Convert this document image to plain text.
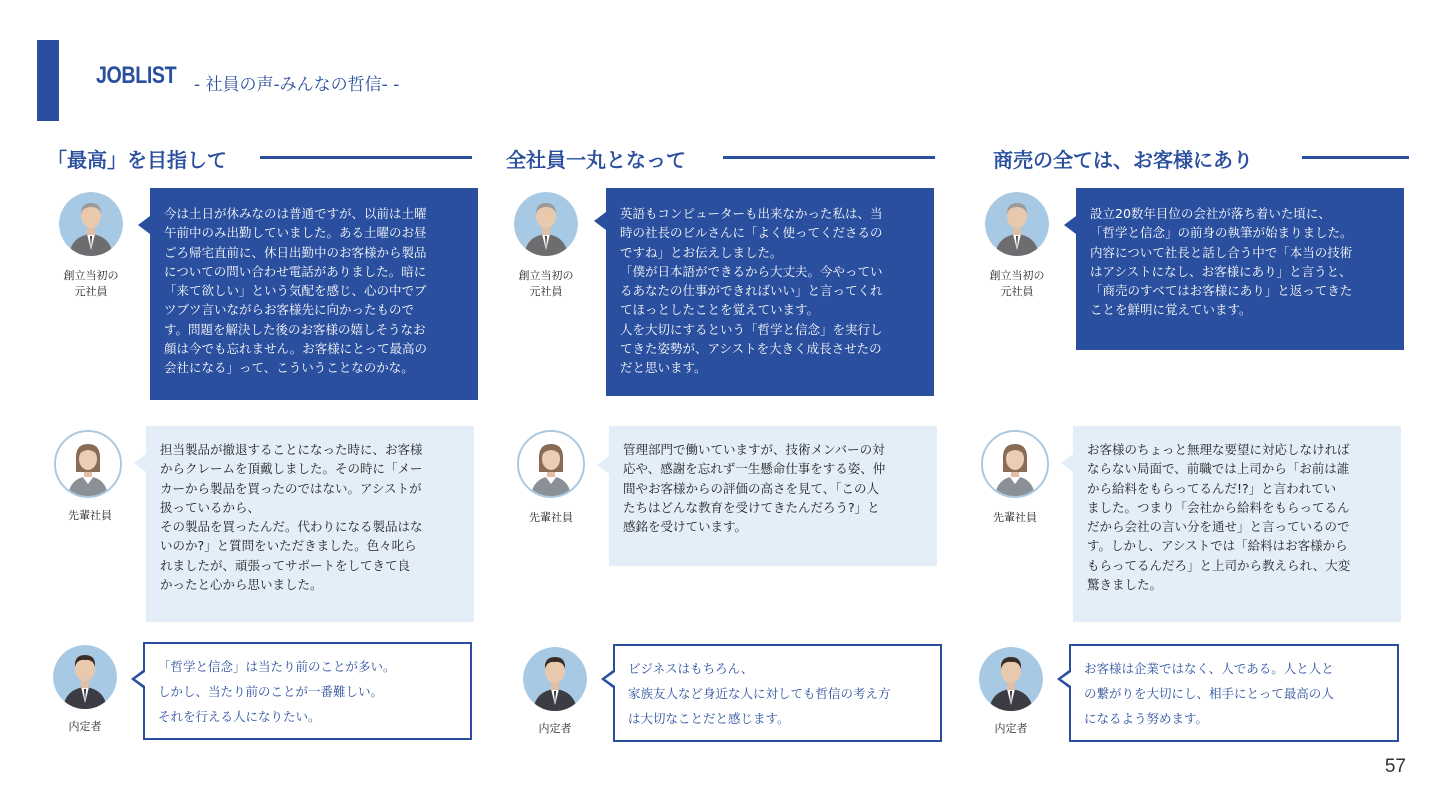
JOBLIST - 社員の声-みんなの哲信- -
「最高」を目指して	全社員一丸となって	商売の全ては、お客様にあり
創立当初の
元社員
今は土日が休みなのは普通ですが、以前は土曜
午前中のみ出勤していました。ある土曜のお昼
ごろ帰宅直前に、休日出勤中のお客様から製品
についての問い合わせ電話がありました。暗に
「来て欲しい」という気配を感じ、心の中でブ
ツブツ言いながらお客様先に向かったもので
す。問題を解決した後のお客様の嬉しそうなお
顔は今でも忘れません。お客様にとって最高の
会社になる」って、こういうことなのかな。
創立当初の
元社員
英語もコンピューターも出来なかった私は、当
時の社長のビルさんに「よく使ってくださるの
ですね」とお伝えしました。
「僕が日本語ができるから大丈夫。今やってい
るあなたの仕事ができればいい」と言ってくれ
てほっとしたことを覚えています。
人を大切にするという「哲学と信念」を実行し
てきた姿勢が、アシストを大きく成長させたの
だと思います。
創立当初の
元社員
設立20数年目位の会社が落ち着いた頃に、
「哲学と信念」の前身の執筆が始まりました。
内容について社長と話し合う中で「本当の技術
はアシストになし、お客様にあり」と言うと、
「商売のすべてはお客様にあり」と返ってきた
ことを鮮明に覚えています。
先輩社員
担当製品が撤退することになった時に、お客様
からクレームを頂戴しました。その時に「メー
カーから製品を買ったのではない。アシストが
扱っているから、
その製品を買ったんだ。代わりになる製品はな
いのか?」と質問をいただきました。色々叱ら
れましたが、頑張ってサポートをしてきて良
かったと心から思いました。
先輩社員
管理部門で働いていますが、技術メンバーの対
応や、感謝を忘れず一生懸命仕事をする姿、仲
間やお客様からの評価の高さを見て、「この人
たちはどんな教育を受けてきたんだろう?」と
感銘を受けています。
先輩社員
お客様のちょっと無理な要望に対応しなければ
ならない局面で、前職では上司から「お前は誰
から給料をもらってるんだ!?」と言われてい
ました。つまり「会社から給料をもらってるん
だから会社の言い分を通せ」と言っているので
す。しかし、アシストでは「給料はお客様から
もらってるんだろ」と上司から教えられ、大変
驚きました。
内定者
「哲学と信念」は当たり前のことが多い。
しかし、当たり前のことが一番難しい。
それを行える人になりたい。
内定者
ビジネスはもちろん、
家族友人など身近な人に対しても哲信の考え方
は大切なことだと感じます。
内定者
お客様は企業ではなく、人である。人と人と
の繋がりを大切にし、相手にとって最高の人
になるよう努めます。
57
